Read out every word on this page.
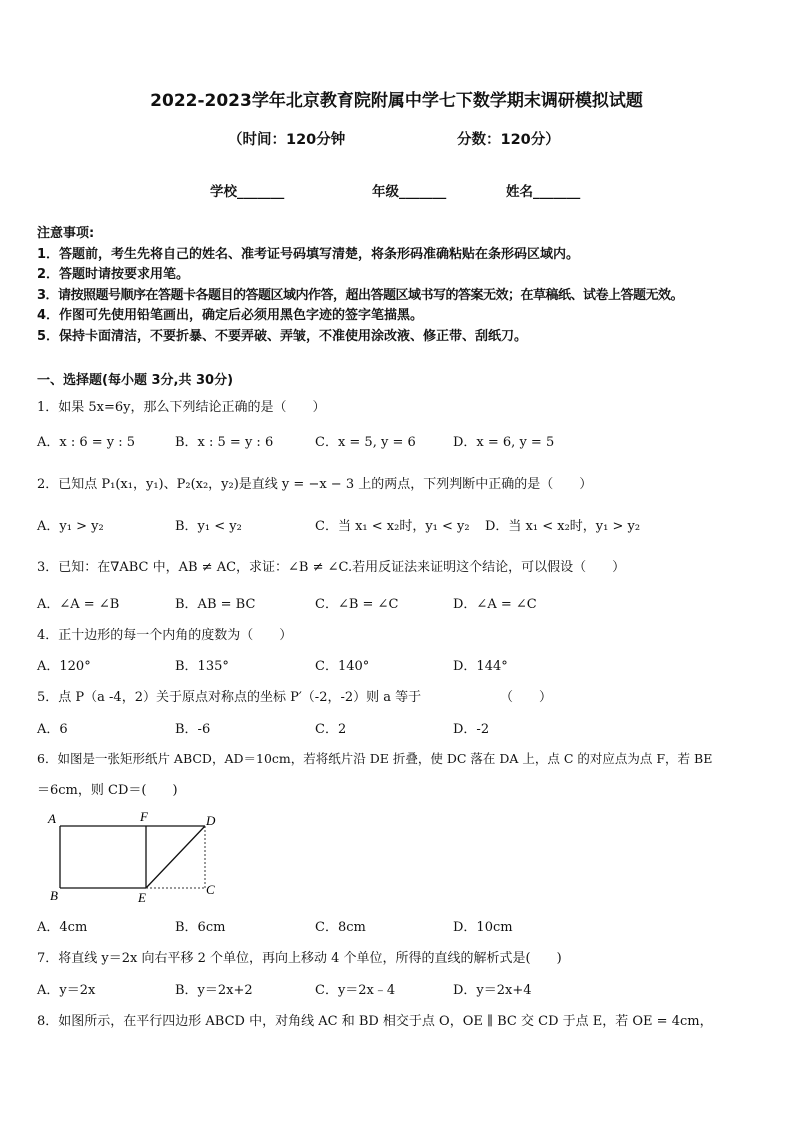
2022-2023学年北京教育院附属中学七下数学期末调研模拟试题
（时间：120分钟	分数：120分）
学校_______	年级_______	姓名_______
注意事项:
1．答题前，考生先将自己的姓名、准考证号码填写清楚，将条形码准确粘贴在条形码区域内。
2．答题时请按要求用笔。
3．请按照题号顺序在答题卡各题目的答题区域内作答，超出答题区域书写的答案无效；在草稿纸、试卷上答题无效。
4．作图可先使用铅笔画出，确定后必须用黑色字迹的签字笔描黑。
5．保持卡面清洁，不要折暴、不要弄破、弄皱，不准使用涂改液、修正带、刮纸刀。
一、选择题(每小题 3分,共 30分)
1．如果 5x=6y，那么下列结论正确的是（　　）
A．x : 6 = y : 5	B．x : 5 = y : 6	C．x = 5, y = 6	D．x = 6, y = 5
2．已知点 P₁(x₁，y₁)、P₂(x₂，y₂)是直线 y = −x − 3 上的两点，下列判断中正确的是（　　）
A．y₁ > y₂	B．y₁ < y₂	C．当 x₁ < x₂时，y₁ < y₂ D．当 x₁ < x₂时，y₁ > y₂
3．已知：在∇ABC 中，AB ≠ AC，求证：∠B ≠ ∠C.若用反证法来证明这个结论，可以假设（　　）
A．∠A = ∠B	B．AB = BC	C．∠B = ∠C	D．∠A = ∠C
4．正十边形的每一个内角的度数为（　　）
A．120°	B．135°	C．140°	D．144°
5．点 P（a -4，2）关于原点对称点的坐标 P′（-2，-2）则 a 等于	（　　）
A．6	B．-6	C．2	D．-2
6．如图是一张矩形纸片 ABCD，AD＝10cm，若将纸片沿 DE 折叠，使 DC 落在 DA 上，点 C 的对应点为点 F，若 BE
＝6cm，则 CD＝(　　)
A	F	D
B	E
C
A．4cm	B．6cm	C．8cm	D．10cm
7．将直线 y＝2x 向右平移 2 个单位，再向上移动 4 个单位，所得的直线的解析式是(　　)
A．y＝2x	B．y＝2x+2	C．y＝2x﹣4	D．y＝2x+4
8．如图所示，在平行四边形 ABCD 中，对角线 AC 和 BD 相交于点 O，OE ∥ BC 交 CD 于点 E，若 OE = 4cm，
